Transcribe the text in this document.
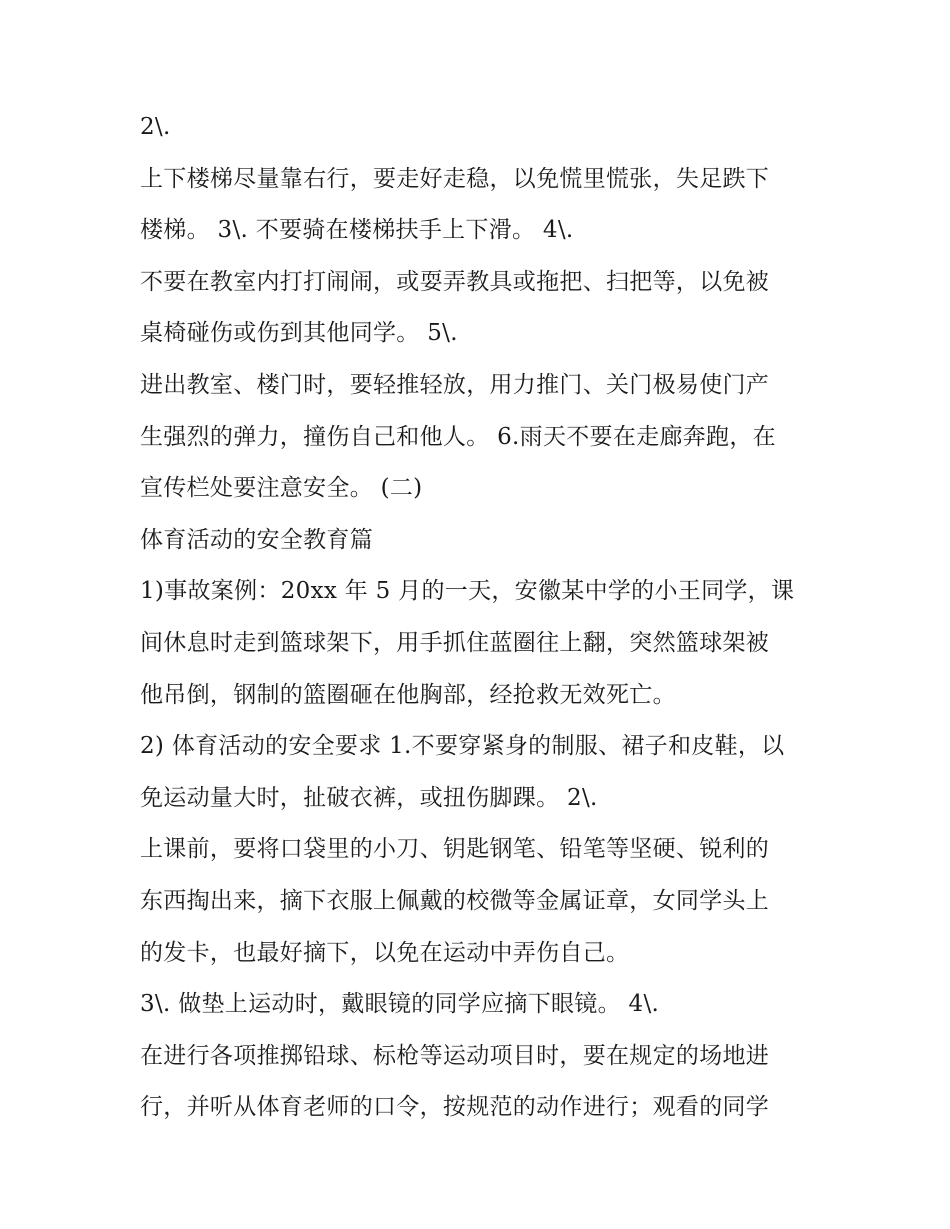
2\.
上下楼梯尽量靠右行，要走好走稳，以免慌里慌张，失足跌下
楼梯。 3\. 不要骑在楼梯扶手上下滑。 4\.
不要在教室内打打闹闹，或耍弄教具或拖把、扫把等，以免被
桌椅碰伤或伤到其他同学。 5\.
进出教室、楼门时，要轻推轻放，用力推门、关门极易使门产
生强烈的弹力，撞伤自己和他人。 6.雨天不要在走廊奔跑，在
宣传栏处要注意安全。 (二)
体育活动的安全教育篇
1)事故案例：20xx 年 5 月的一天，安徽某中学的小王同学，课
间休息时走到篮球架下，用手抓住蓝圈往上翻，突然篮球架被
他吊倒，钢制的篮圈砸在他胸部，经抢救无效死亡。
2) 体育活动的安全要求 1.不要穿紧身的制服、裙子和皮鞋，以
免运动量大时，扯破衣裤，或扭伤脚踝。 2\.
上课前，要将口袋里的小刀、钥匙钢笔、铅笔等坚硬、锐利的
东西掏出来，摘下衣服上佩戴的校微等金属证章，女同学头上
的发卡，也最好摘下，以免在运动中弄伤自己。
3\. 做垫上运动时，戴眼镜的同学应摘下眼镜。 4\.
在进行各项推掷铅球、标枪等运动项目时，要在规定的场地进
行，并听从体育老师的口令，按规范的动作进行；观看的同学
